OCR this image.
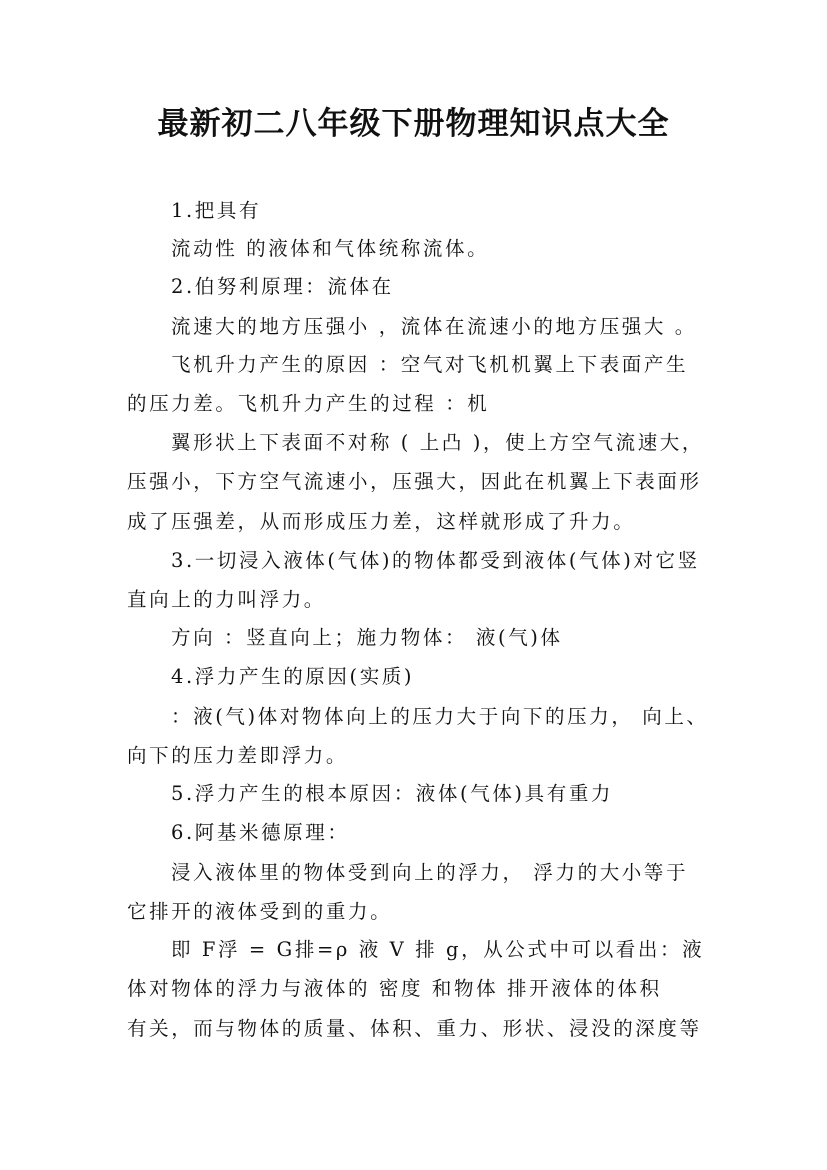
最新初二八年级下册物理知识点大全
1.把具有
流动性 的液体和气体统称流体。
2.伯努利原理：流体在
流速大的地方压强小 ，流体在流速小的地方压强大 。
飞机升力产生的原因 ：空气对飞机机翼上下表面产生
的压力差。飞机升力产生的过程 ：机
翼形状上下表面不对称 ( 上凸 )，使上方空气流速大，
压强小，下方空气流速小，压强大，因此在机翼上下表面形
成了压强差，从而形成压力差，这样就形成了升力。
3.一切浸入液体(气体)的物体都受到液体(气体)对它竖
直向上的力叫浮力。
方向 ：竖直向上；施力物体： 液(气)体
4.浮力产生的原因(实质)
：液(气)体对物体向上的压力大于向下的压力， 向上、
向下的压力差即浮力。
5.浮力产生的根本原因：液体(气体)具有重力
6.阿基米德原理：
浸入液体里的物体受到向上的浮力， 浮力的大小等于
它排开的液体受到的重力。
即 F浮 = G排=ρ 液 V 排 g，从公式中可以看出：液
体对物体的浮力与液体的 密度 和物体 排开液体的体积
有关，而与物体的质量、体积、重力、形状、浸没的深度等
